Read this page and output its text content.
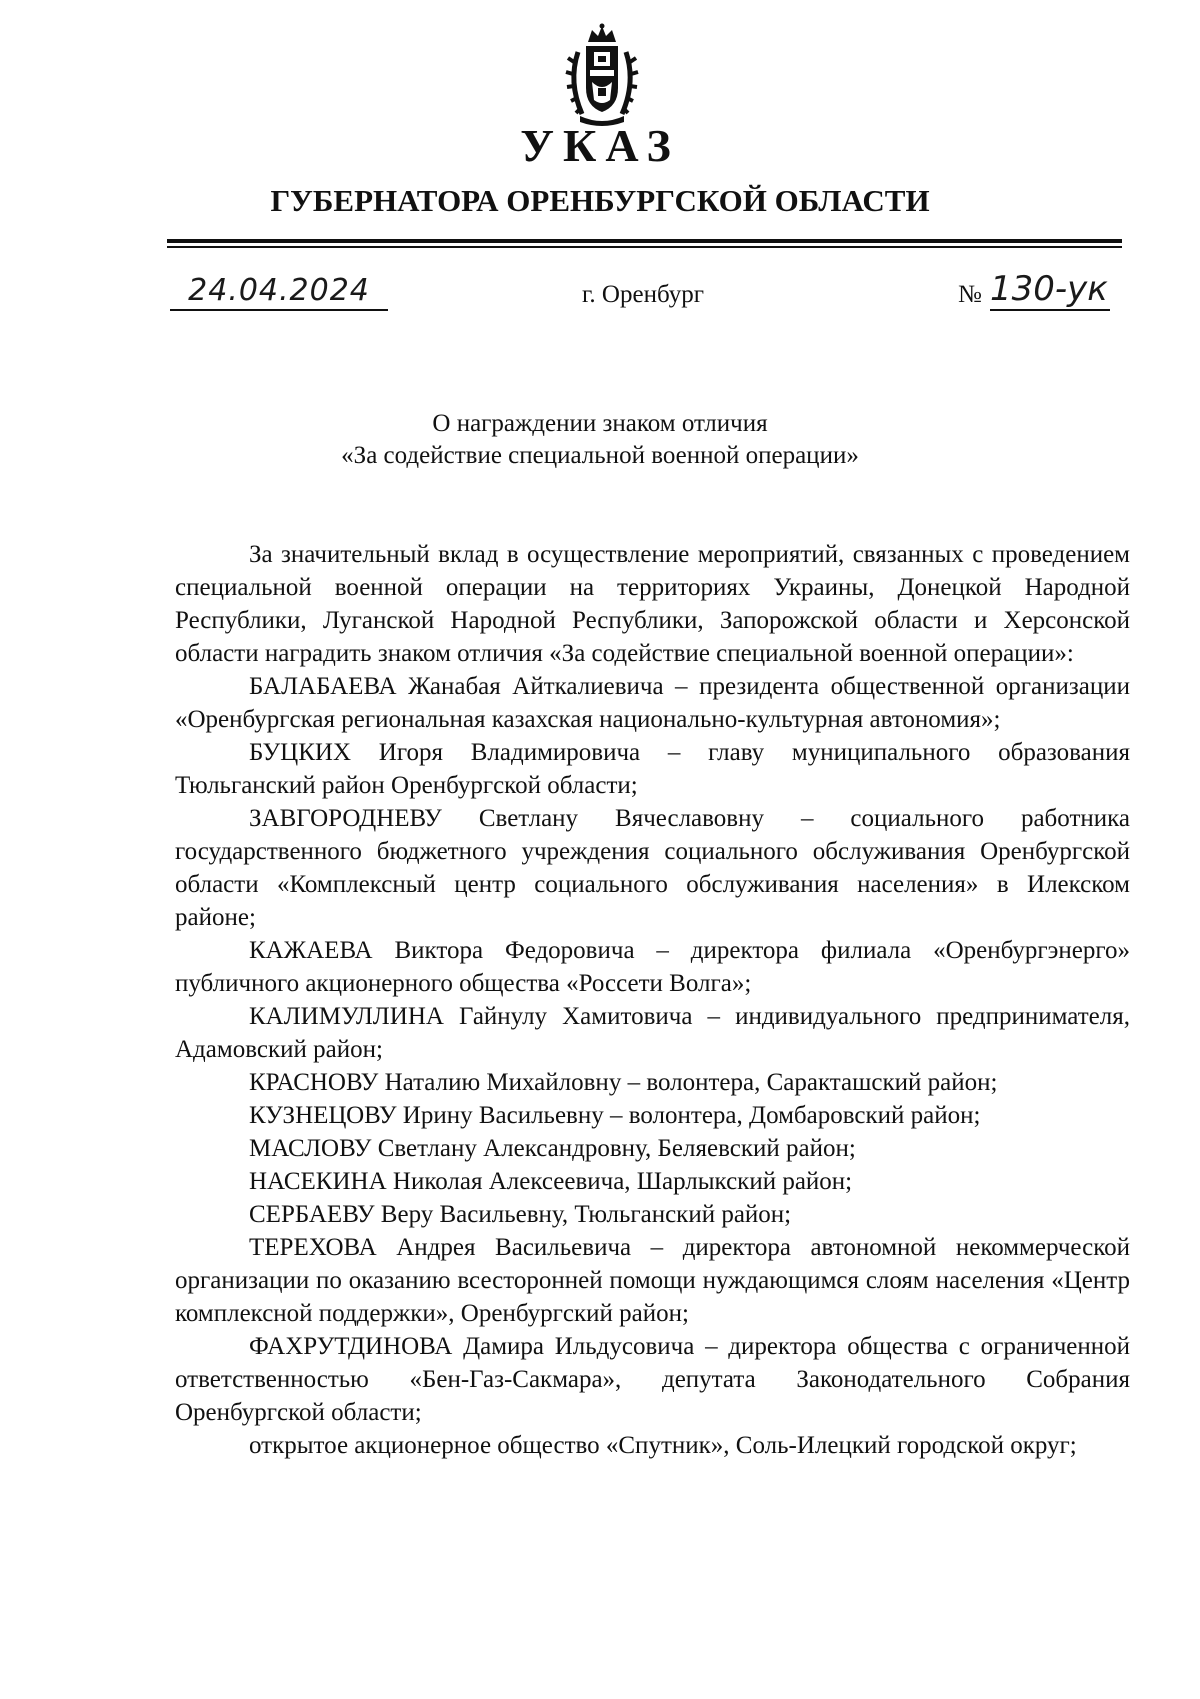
УКАЗ
ГУБЕРНАТОРА ОРЕНБУРГСКОЙ ОБЛАСТИ
24.04.2024	г. Оренбург	№ 130-ук
О награждении знаком отличия
«За содействие специальной военной операции»

За значительный вклад в осуществление мероприятий, связанных с проведением специальной военной операции на территориях Украины, Донецкой Народной Республики, Луганской Народной Республики, Запорожской области и Херсонской области наградить знаком отличия «За содействие специальной военной операции»:

БАЛАБАЕВА Жанабая Айткалиевича – президента общественной организации «Оренбургская региональная казахская национально-культурная автономия»;

БУЦКИХ Игоря Владимировича – главу муниципального образования Тюльганский район Оренбургской области;

ЗАВГОРОДНЕВУ Светлану Вячеславовну – социального работника государственного бюджетного учреждения социального обслуживания Оренбургской области «Комплексный центр социального обслуживания населения» в Илекском районе;

КАЖАЕВА Виктора Федоровича – директора филиала «Оренбургэнерго» публичного акционерного общества «Россети Волга»;

КАЛИМУЛЛИНА Гайнулу Хамитовича – индивидуального предпринимателя, Адамовский район;

КРАСНОВУ Наталию Михайловну – волонтера, Саракташский район;

КУЗНЕЦОВУ Ирину Васильевну – волонтера, Домбаровский район;

МАСЛОВУ Светлану Александровну, Беляевский район;

НАСЕКИНА Николая Алексеевича, Шарлыкский район;

СЕРБАЕВУ Веру Васильевну, Тюльганский район;

ТЕРЕХОВА Андрея Васильевича – директора автономной некоммерческой организации по оказанию всесторонней помощи нуждающимся слоям населения «Центр комплексной поддержки», Оренбургский район;

ФАХРУТДИНОВА Дамира Ильдусовича – директора общества с ограниченной ответственностью «Бен-Газ-Сакмара», депутата Законодательного Собрания Оренбургской области;

открытое акционерное общество «Спутник», Соль-Илецкий городской округ;
